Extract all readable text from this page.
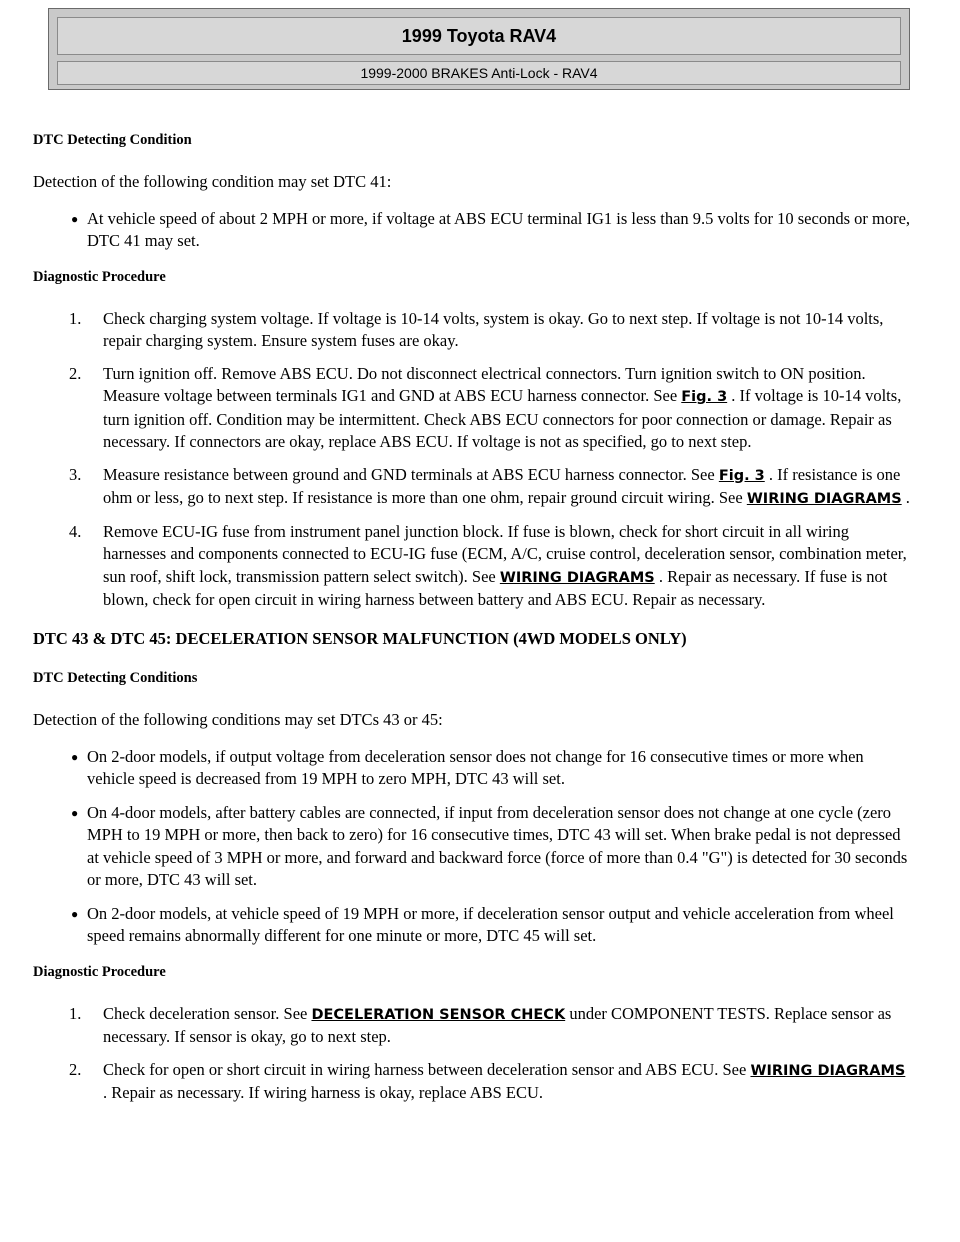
1999 Toyota RAV4
1999-2000 BRAKES Anti-Lock - RAV4
DTC Detecting Condition

Detection of the following condition may set DTC 41:

● At vehicle speed of about 2 MPH or more, if voltage at ABS ECU terminal IG1 is less than 9.5 volts for 10 seconds or more, DTC 41 may set.
Diagnostic Procedure
1. Check charging system voltage. If voltage is 10-14 volts, system is okay. Go to next step. If voltage is not 10-14 volts, repair charging system. Ensure system fuses are okay.
2. Turn ignition off. Remove ABS ECU. Do not disconnect electrical connectors. Turn ignition switch to ON position. Measure voltage between terminals IG1 and GND at ABS ECU harness connector. See Fig. 3 . If voltage is 10-14 volts, turn ignition off. Condition may be intermittent. Check ABS ECU connectors for poor connection or damage. Repair as necessary. If connectors are okay, replace ABS ECU. If voltage is not as specified, go to next step.
3. Measure resistance between ground and GND terminals at ABS ECU harness connector. See Fig. 3 . If resistance is one ohm or less, go to next step. If resistance is more than one ohm, repair ground circuit wiring. See WIRING DIAGRAMS .
4. Remove ECU-IG fuse from instrument panel junction block. If fuse is blown, check for short circuit in all wiring harnesses and components connected to ECU-IG fuse (ECM, A/C, cruise control, deceleration sensor, combination meter, sun roof, shift lock, transmission pattern select switch). See WIRING DIAGRAMS . Repair as necessary. If fuse is not blown, check for open circuit in wiring harness between battery and ABS ECU. Repair as necessary.
DTC 43 & DTC 45: DECELERATION SENSOR MALFUNCTION (4WD MODELS ONLY)
DTC Detecting Conditions

Detection of the following conditions may set DTCs 43 or 45:

● On 2-door models, if output voltage from deceleration sensor does not change for 16 consecutive times or more when vehicle speed is decreased from 19 MPH to zero MPH, DTC 43 will set.
● On 4-door models, after battery cables are connected, if input from deceleration sensor does not change at one cycle (zero MPH to 19 MPH or more, then back to zero) for 16 consecutive times, DTC 43 will set. When brake pedal is not depressed at vehicle speed of 3 MPH or more, and forward and backward force (force of more than 0.4 "G") is detected for 30 seconds or more, DTC 43 will set.
● On 2-door models, at vehicle speed of 19 MPH or more, if deceleration sensor output and vehicle acceleration from wheel speed remains abnormally different for one minute or more, DTC 45 will set.
Diagnostic Procedure
1. Check deceleration sensor. See DECELERATION SENSOR CHECK under COMPONENT TESTS. Replace sensor as necessary. If sensor is okay, go to next step.
2. Check for open or short circuit in wiring harness between deceleration sensor and ABS ECU. See WIRING DIAGRAMS . Repair as necessary. If wiring harness is okay, replace ABS ECU.
